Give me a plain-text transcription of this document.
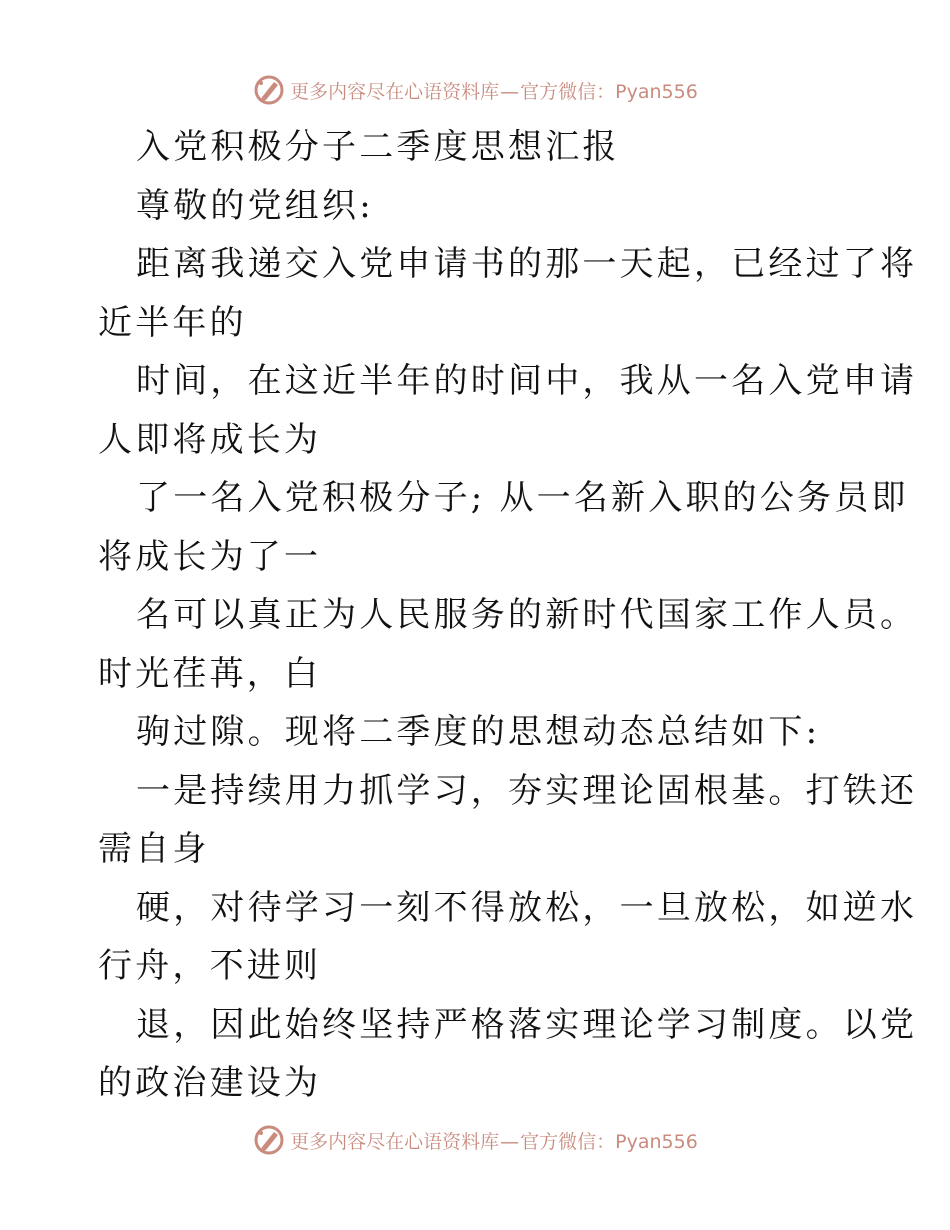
更多内容尽在心语资料库—官方微信：Pyan556
入党积极分子二季度思想汇报
尊敬的党组织:
距离我递交入党申请书的那一天起，已经过了将
近半年的
时间，在这近半年的时间中，我从一名入党申请
人即将成长为
了一名入党积极分子; 从一名新入职的公务员即
将成长为了一
名可以真正为人民服务的新时代国家工作人员。
时光荏苒，白
驹过隙。现将二季度的思想动态总结如下:
一是持续用力抓学习，夯实理论固根基。打铁还
需自身
硬，对待学习一刻不得放松，一旦放松，如逆水
行舟，不进则
退，因此始终坚持严格落实理论学习制度。以党
的政治建设为
更多内容尽在心语资料库—官方微信：Pyan556
